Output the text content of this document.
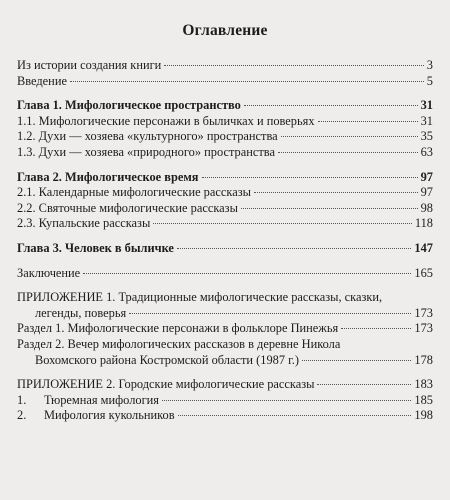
Оглавление
Из истории создания книги	3
Введение	5
Глава 1. Мифологическое пространство	31
1.1. Мифологические персонажи в быличках и поверьях	31
1.2. Духи — хозяева «культурного» пространства	35
1.3. Духи — хозяева «природного» пространства	63
Глава 2. Мифологическое время	97
2.1. Календарные мифологические рассказы	97
2.2. Святочные мифологические рассказы	98
2.3. Купальские рассказы	118
Глава 3. Человек в быличке	147
Заключение	165
ПРИЛОЖЕНИЕ 1. Традиционные мифологические рассказы, сказки,
легенды, поверья	173
Раздел 1. Мифологические персонажи в фольклоре Пинежья	173
Раздел 2. Вечер мифологических рассказов в деревне Никола
Вохомского района Костромской области (1987 г.)	178
ПРИЛОЖЕНИЕ 2. Городские мифологические рассказы	183
1. Тюремная мифология	185
2. Мифология кукольников	198
